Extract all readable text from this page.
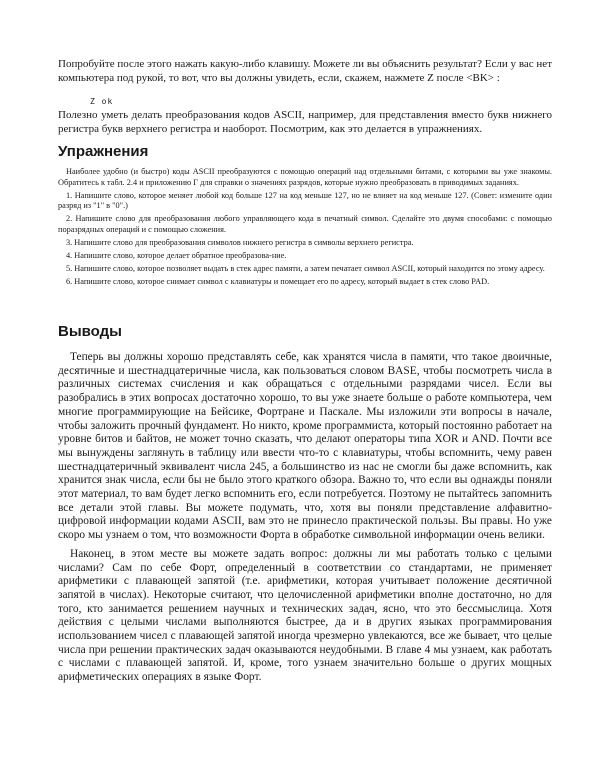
Попробуйте после этого нажать какую-либо клавишу. Можете ли вы объяснить результат? Если у вас нет компьютера под рукой, то вот, что вы должны увидеть, если, скажем, нажмете Z после <BK> :

Z ok

Полезно уметь делать преобразования кодов ASCII, например, для представления вместо букв нижнего регистра букв верхнего регистра и наоборот. Посмотрим, как это делается в упражнениях.

Упражнения

Наиболее удобно (и быстро) коды ASCII преобразуются с помощью операций над отдельными битами, с которыми вы уже знакомы. Обратитесь к табл. 2.4 и приложению Г для справки о значениях разрядов, которые нужно преобразовать в приводимых заданиях.

1. Напишите слово, которое меняет любой код больше 127 на код меньше 127, но не влияет на код меньше 127. (Совет: измените один разряд из "1" в "0".)

2. Напишите слово для преобразования любого управляющего кода в печатный символ. Сделайте это двумя способами: с помощью поразрядных операций и с помощью сложения.

3. Напишите слово для преобразования символов нижнего регистра в символы верхнего регистра.

4. Напишите слово, которое делает обратное преобразова-ние.

5. Напишите слово, которое позволяет выдать в стек адрес памяти, а затем печатает символ ASCII, который находится по этому адресу.

6. Напишите слово, которое снимает символ с клавиатуры и помещает его по адресу, который выдает в стек слово PAD.

Выводы

Теперь вы должны хорошо представлять себе, как хранятся числа в памяти, что такое двоичные, десятичные и шестнадцатеричные числа, как пользоваться словом BASE, чтобы посмотреть числа в различных системах счисления и как обращаться с отдельными разрядами чисел. Если вы разобрались в этих вопросах достаточно хорошо, то вы уже знаете больше о работе компьютера, чем многие программирующие на Бейсике, Фортране и Паскале. Мы изложили эти вопросы в начале, чтобы заложить прочный фундамент. Но никто, кроме программиста, который постоянно работает на уровне битов и байтов, не может точно сказать, что делают операторы типа XOR и AND. Почти все мы вынуждены заглянуть в таблицу или ввести что-то с клавиатуры, чтобы вспомнить, чему равен шестнадцатеричный эквивалент числа 245, а большинство из нас не смогли бы даже вспомнить, как хранится знак числа, если бы не было этого краткого обзора. Важно то, что если вы однажды поняли этот материал, то вам будет легко вспомнить его, если потребуется. Поэтому не пытайтесь запомнить все детали этой главы. Вы можете подумать, что, хотя вы поняли представление алфавитно-цифровой информации кодами ASCII, вам это не принесло практической пользы. Вы правы. Но уже скоро мы узнаем о том, что возможности Форта в обработке символьной информации очень велики.

Наконец, в этом месте вы можете задать вопрос: должны ли мы работать только с целыми числами? Сам по себе Форт, определенный в соответствии со стандартами, не применяет арифметики с плавающей запятой (т.е. арифметики, которая учитывает положение десятичной запятой в числах). Некоторые считают, что целочисленной арифметики вполне достаточно, но для того, кто занимается решением научных и технических задач, ясно, что это бессмыслица. Хотя действия с целыми числами выполняются быстрее, да и в других языках программирования использованием чисел с плавающей запятой иногда чрезмерно увлекаются, все же бывает, что целые числа при решении практических задач оказываются неудобными. В главе 4 мы узнаем, как работать с числами с плавающей запятой. И, кроме, того узнаем значительно больше о других мощных арифметических операциях в языке Форт.
